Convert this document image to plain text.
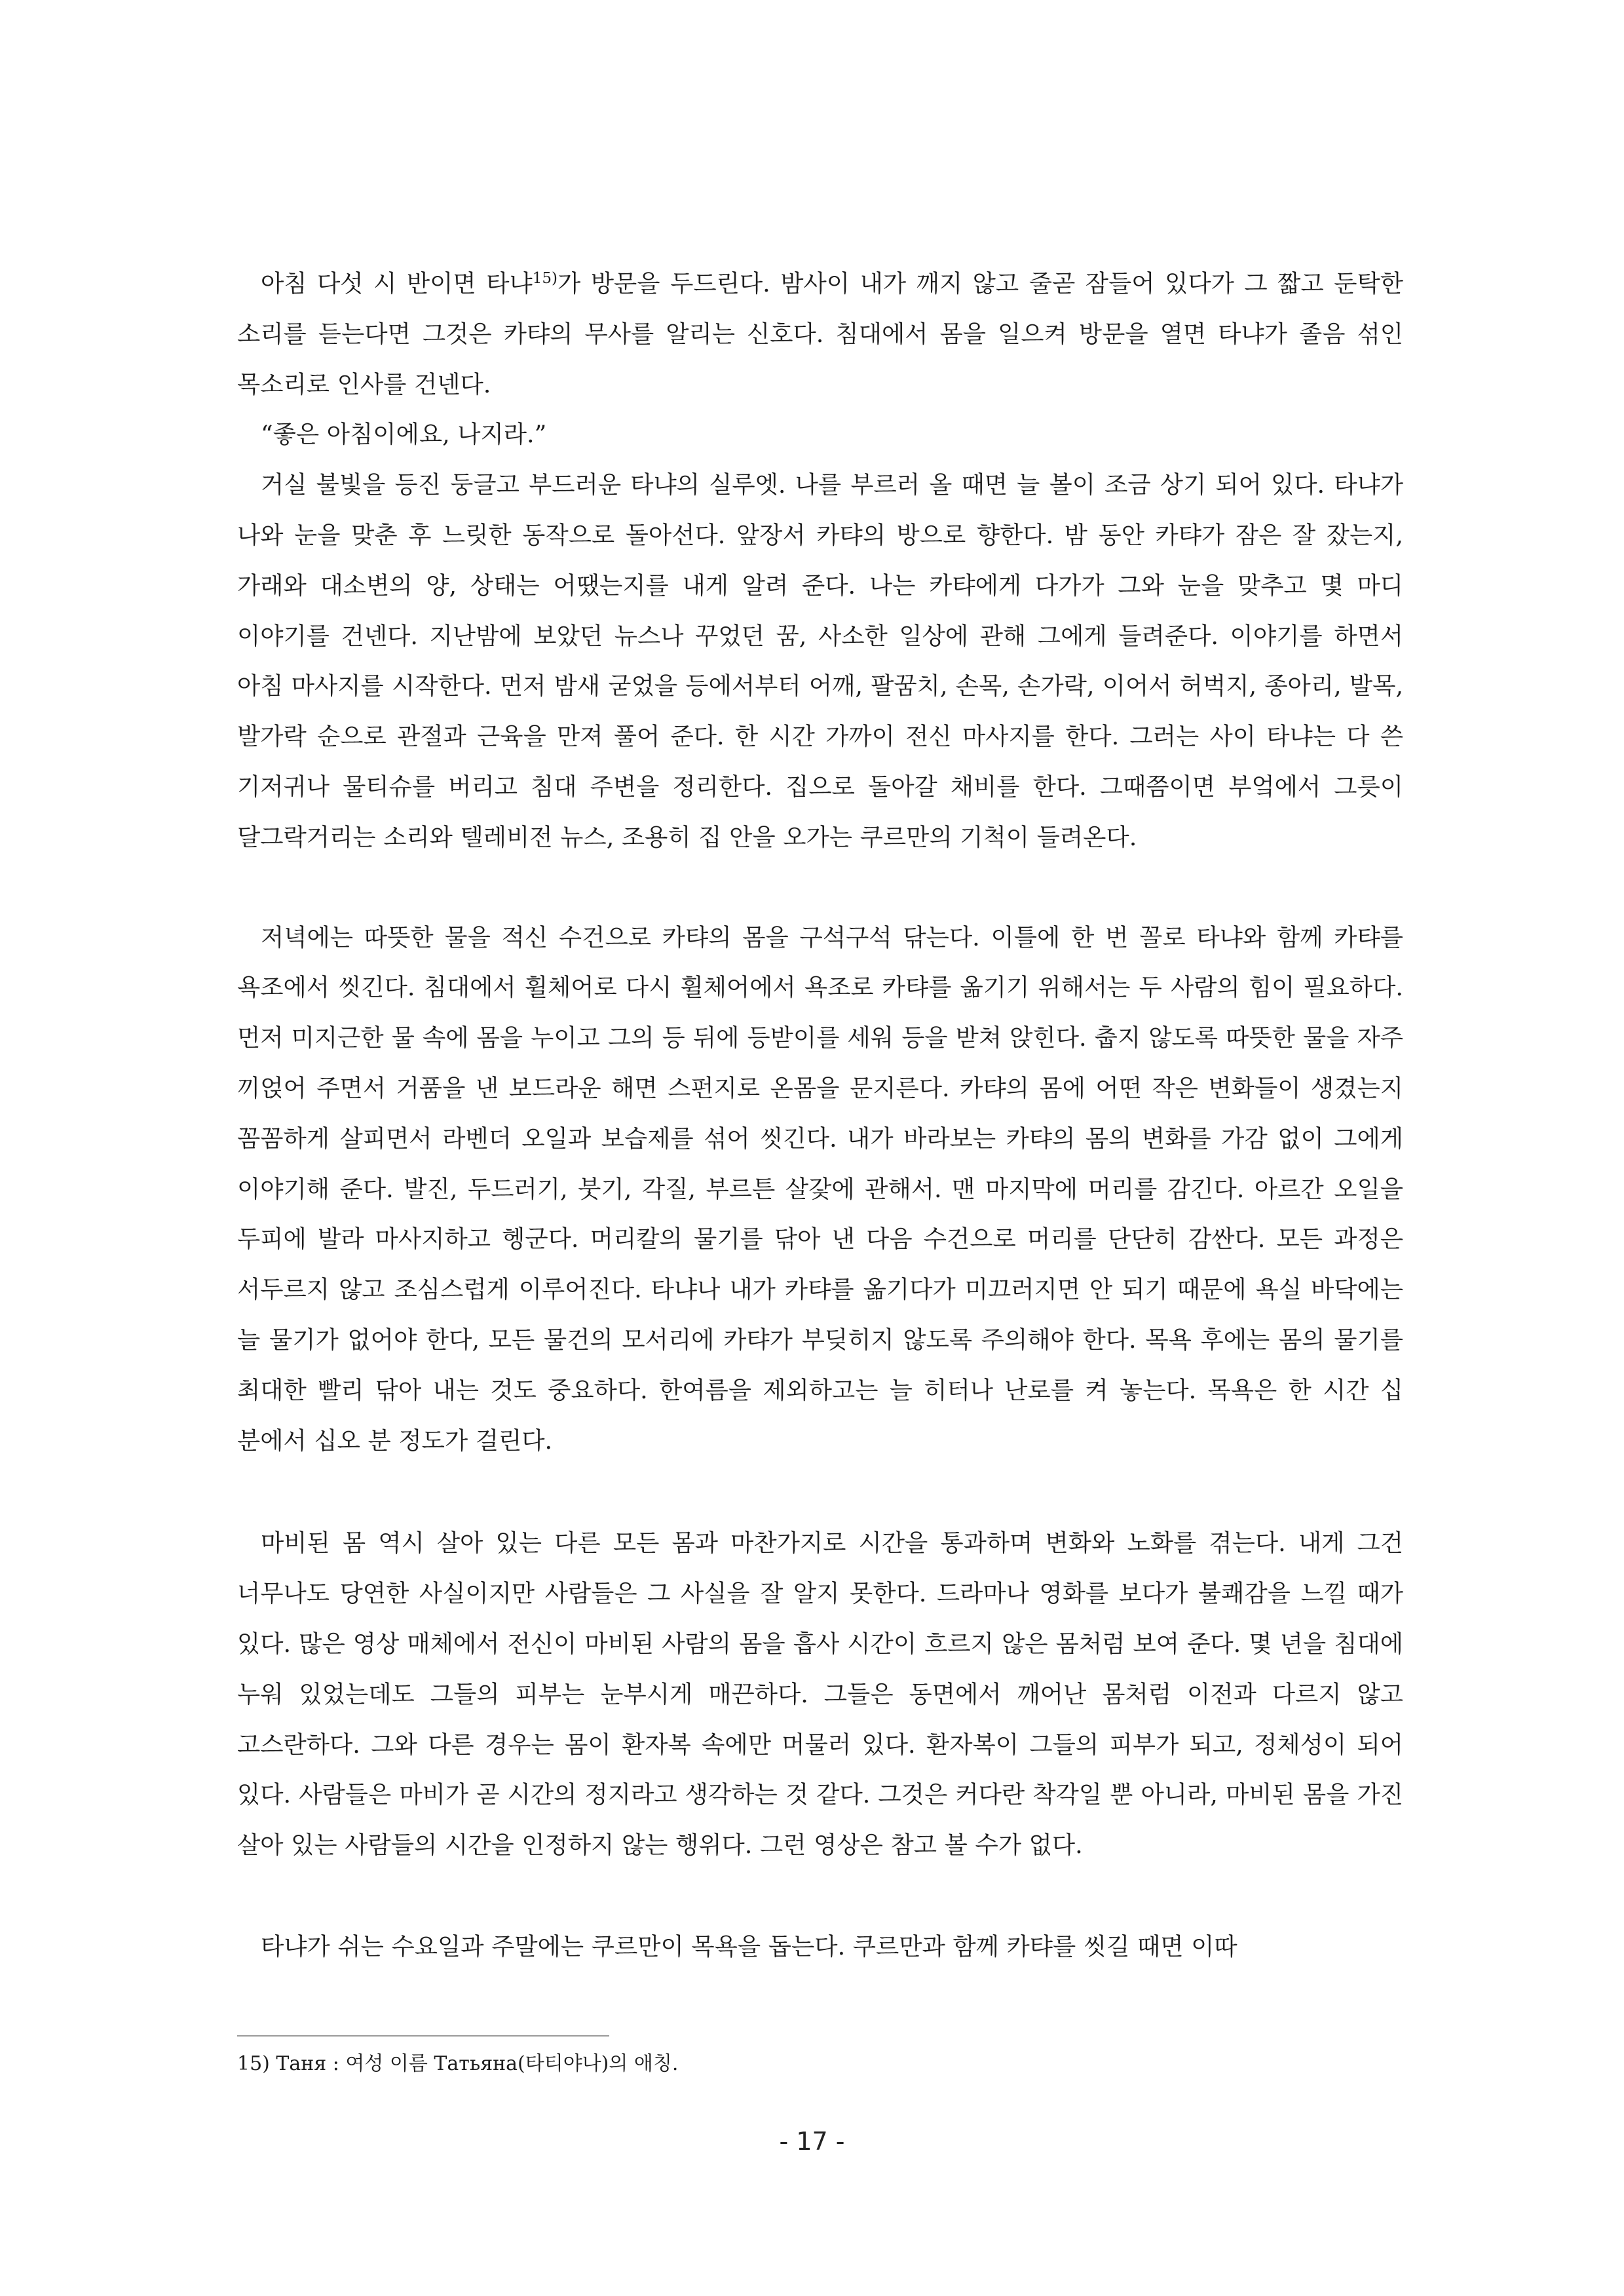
아침 다섯 시 반이면 타냐$^{15)}$가 방문을 두드린다. 밤사이 내가 깨지 않고 줄곧 잠들어 있다가 그 짧고 둔탁한 소리를 듣는다면 그것은 카탸의 무사를 알리는 신호다. 침대에서 몸을 일으켜 방문을 열면 타냐가 졸음 섞인 목소리로 인사를 건넨다.

“좋은 아침이에요, 나지라.”

거실 불빛을 등진 둥글고 부드러운 타냐의 실루엣. 나를 부르러 올 때면 늘 볼이 조금 상기 되어 있다. 타냐가 나와 눈을 맞춘 후 느릿한 동작으로 돌아선다. 앞장서 카탸의 방으로 향한다. 밤 동안 카탸가 잠은 잘 잤는지, 가래와 대소변의 양, 상태는 어땠는지를 내게 알려 준다. 나는 카탸에게 다가가 그와 눈을 맞추고 몇 마디 이야기를 건넨다. 지난밤에 보았던 뉴스나 꾸었던 꿈, 사소한 일상에 관해 그에게 들려준다. 이야기를 하면서 아침 마사지를 시작한다. 먼저 밤새 굳었을 등에서부터 어깨, 팔꿈치, 손목, 손가락, 이어서 허벅지, 종아리, 발목, 발가락 순으로 관절과 근육을 만져 풀어 준다. 한 시간 가까이 전신 마사지를 한다. 그러는 사이 타냐는 다 쓴 기저귀나 물티슈를 버리고 침대 주변을 정리한다. 집으로 돌아갈 채비를 한다. 그때쯤이면 부엌에서 그릇이 달그락거리는 소리와 텔레비전 뉴스, 조용히 집 안을 오가는 쿠르만의 기척이 들려온다.

저녁에는 따뜻한 물을 적신 수건으로 카탸의 몸을 구석구석 닦는다. 이틀에 한 번 꼴로 타냐와 함께 카탸를 욕조에서 씻긴다. 침대에서 휠체어로 다시 휠체어에서 욕조로 카탸를 옮기기 위해서는 두 사람의 힘이 필요하다. 먼저 미지근한 물 속에 몸을 누이고 그의 등 뒤에 등받이를 세워 등을 받쳐 앉힌다. 춥지 않도록 따뜻한 물을 자주 끼얹어 주면서 거품을 낸 보드라운 해면 스펀지로 온몸을 문지른다. 카탸의 몸에 어떤 작은 변화들이 생겼는지 꼼꼼하게 살피면서 라벤더 오일과 보습제를 섞어 씻긴다. 내가 바라보는 카탸의 몸의 변화를 가감 없이 그에게 이야기해 준다. 발진, 두드러기, 붓기, 각질, 부르튼 살갗에 관해서. 맨 마지막에 머리를 감긴다. 아르간 오일을 두피에 발라 마사지하고 헹군다. 머리칼의 물기를 닦아 낸 다음 수건으로 머리를 단단히 감싼다. 모든 과정은 서두르지 않고 조심스럽게 이루어진다. 타냐나 내가 카탸를 옮기다가 미끄러지면 안 되기 때문에 욕실 바닥에는 늘 물기가 없어야 한다, 모든 물건의 모서리에 카탸가 부딪히지 않도록 주의해야 한다. 목욕 후에는 몸의 물기를 최대한 빨리 닦아 내는 것도 중요하다. 한여름을 제외하고는 늘 히터나 난로를 켜 놓는다. 목욕은 한 시간 십 분에서 십오 분 정도가 걸린다.

마비된 몸 역시 살아 있는 다른 모든 몸과 마찬가지로 시간을 통과하며 변화와 노화를 겪는다. 내게 그건 너무나도 당연한 사실이지만 사람들은 그 사실을 잘 알지 못한다. 드라마나 영화를 보다가 불쾌감을 느낄 때가 있다. 많은 영상 매체에서 전신이 마비된 사람의 몸을 흡사 시간이 흐르지 않은 몸처럼 보여 준다. 몇 년을 침대에 누워 있었는데도 그들의 피부는 눈부시게 매끈하다. 그들은 동면에서 깨어난 몸처럼 이전과 다르지 않고 고스란하다. 그와 다른 경우는 몸이 환자복 속에만 머물러 있다. 환자복이 그들의 피부가 되고, 정체성이 되어 있다. 사람들은 마비가 곧 시간의 정지라고 생각하는 것 같다. 그것은 커다란 착각일 뿐 아니라, 마비된 몸을 가진 살아 있는 사람들의 시간을 인정하지 않는 행위다. 그런 영상은 참고 볼 수가 없다.

타냐가 쉬는 수요일과 주말에는 쿠르만이 목욕을 돕는다. 쿠르만과 함께 카탸를 씻길 때면 이따

15) Таня : 여성 이름 Татьяна(타티야나)의 애칭.

- 17 -
